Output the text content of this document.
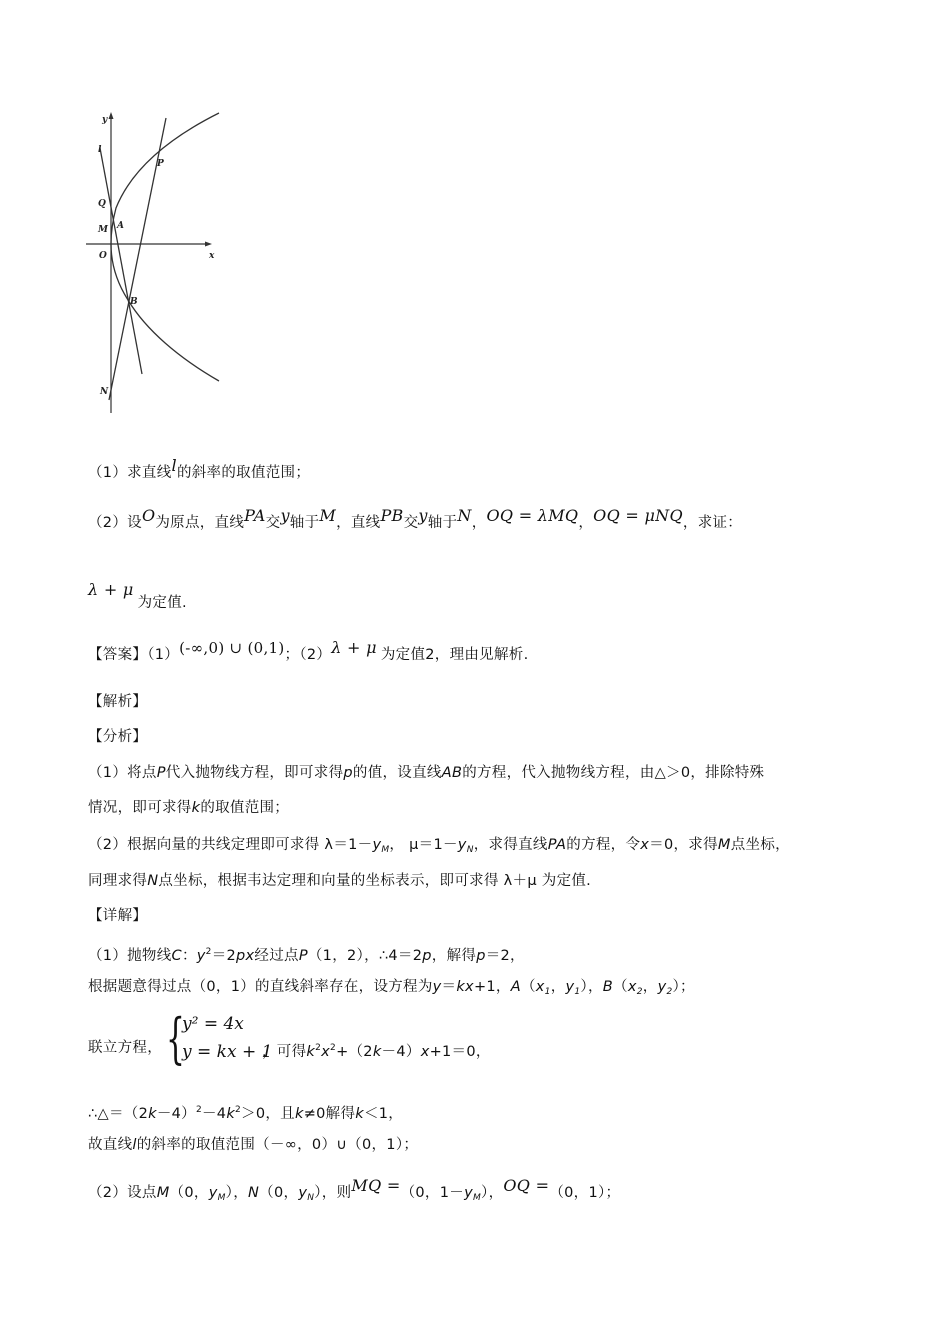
y
x
l
P
Q
M A
O
B
N
（1）求直线l的斜率的取值范围；
（2）设O为原点，直线PA交y轴于M，直线PB交y轴于N，OQ = λMQ，OQ = μNQ，求证：
λ + μ为定值.
【答案】（1）(-∞,0) ∪ (0,1)；（2）λ + μ 为定值2，理由见解析.
【解析】
【分析】
（1）将点P代入抛物线方程，即可求得p的值，设直线AB的方程，代入抛物线方程，由△＞0，排除特殊
情况，即可求得k的取值范围；
（2）根据向量的共线定理即可求得 $\lambda=1-y_M$， $\mu=1-y_N$，求得直线PA的方程，令x＝0，求得M点坐标，
同理求得N点坐标，根据韦达定理和向量的坐标表示，即可求得 λ＋μ 为定值.
【详解】
（1）抛物线C：$y^2=2px$经过点P（1，2），∴4＝2p，解得p＝2，
根据题意得过点（0，1）的直线斜率存在，设方程为y＝kx+1，$A(x_1$，$y_1$），$B(x_2$，$y_2$）；
联立方程， {
y² = 4x
y = kx + 1
，可得$k^2x^2+(2k-4)x+1=0$，
$\therefore\triangle=(2k-4)^2-4k^2>0$，且k≠0解得k＜1，
故直线l的斜率的取值范围（－∞，0）∪（0，1）；
（2）设点M（0，$y_M$），N（0，$y_N$），则MQ =（0，$1-y_M$），OQ =（0，1）；
